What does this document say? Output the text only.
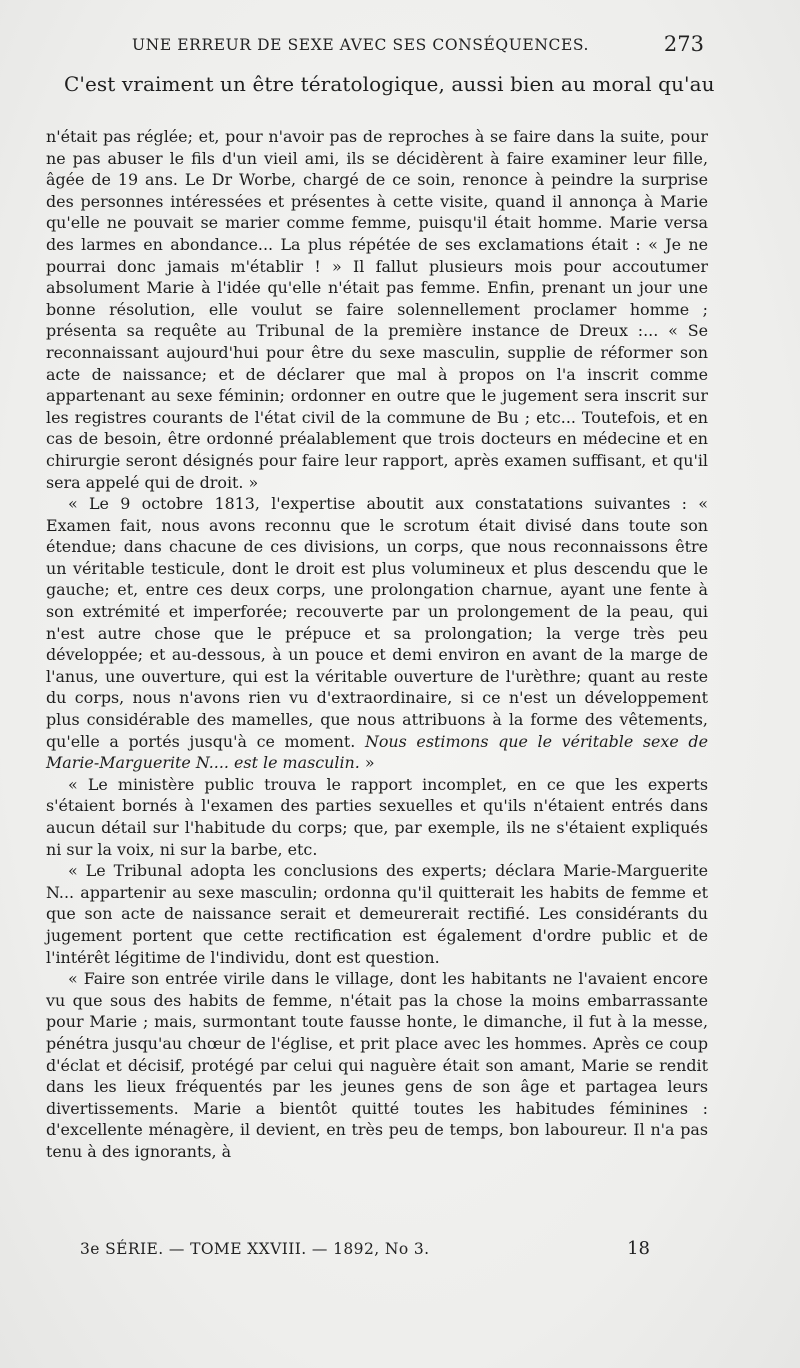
UNE ERREUR DE SEXE AVEC SES CONSÉQUENCES.	273
C'est vraiment un être tératologique, aussi bien au moral qu'au

n'était pas réglée; et, pour n'avoir pas de reproches à se faire dans la suite, pour ne pas abuser le fils d'un vieil ami, ils se décidèrent à faire examiner leur fille, âgée de 19 ans. Le Dr Worbe, chargé de ce soin, renonce à peindre la surprise des personnes intéressées et présentes à cette visite, quand il annonça à Marie qu'elle ne pouvait se marier comme femme, puisqu'il était homme. Marie versa des larmes en abondance... La plus répétée de ses exclamations était : « Je ne pourrai donc jamais m'établir ! » Il fallut plusieurs mois pour accoutumer absolument Marie à l'idée qu'elle n'était pas femme. Enfin, prenant un jour une bonne résolution, elle voulut se faire solennellement proclamer homme ; présenta sa requête au Tribunal de la première instance de Dreux :... « Se reconnaissant aujourd'hui pour être du sexe masculin, supplie de réformer son acte de naissance; et de déclarer que mal à propos on l'a inscrit comme appartenant au sexe féminin; ordonner en outre que le jugement sera inscrit sur les registres courants de l'état civil de la commune de Bu ; etc... Toutefois, et en cas de besoin, être ordonné préalablement que trois docteurs en médecine et en chirurgie seront désignés pour faire leur rapport, après examen suffisant, et qu'il sera appelé qui de droit. »

« Le 9 octobre 1813, l'expertise aboutit aux constatations suivantes : « Examen fait, nous avons reconnu que le scrotum était divisé dans toute son étendue; dans chacune de ces divisions, un corps, que nous reconnaissons être un véritable testicule, dont le droit est plus volumineux et plus descendu que le gauche; et, entre ces deux corps, une prolongation charnue, ayant une fente à son extrémité et imperforée; recouverte par un prolongement de la peau, qui n'est autre chose que le prépuce et sa prolongation; la verge très peu développée; et au-dessous, à un pouce et demi environ en avant de la marge de l'anus, une ouverture, qui est la véritable ouverture de l'urèthre; quant au reste du corps, nous n'avons rien vu d'extraordinaire, si ce n'est un développement plus considérable des mamelles, que nous attribuons à la forme des vêtements, qu'elle a portés jusqu'à ce moment. Nous estimons que le véritable sexe de Marie-Marguerite N.... est le masculin. »

« Le ministère public trouva le rapport incomplet, en ce que les experts s'étaient bornés à l'examen des parties sexuelles et qu'ils n'étaient entrés dans aucun détail sur l'habitude du corps; que, par exemple, ils ne s'étaient expliqués ni sur la voix, ni sur la barbe, etc.

« Le Tribunal adopta les conclusions des experts; déclara Marie-Marguerite N... appartenir au sexe masculin; ordonna qu'il quitterait les habits de femme et que son acte de naissance serait et demeurerait rectifié. Les considérants du jugement portent que cette rectification est également d'ordre public et de l'intérêt légitime de l'individu, dont est question.

« Faire son entrée virile dans le village, dont les habitants ne l'avaient encore vu que sous des habits de femme, n'était pas la chose la moins embarrassante pour Marie ; mais, surmontant toute fausse honte, le dimanche, il fut à la messe, pénétra jusqu'au chœur de l'église, et prit place avec les hommes. Après ce coup d'éclat et décisif, protégé par celui qui naguère était son amant, Marie se rendit dans les lieux fréquentés par les jeunes gens de son âge et partagea leurs divertissements. Marie a bientôt quitté toutes les habitudes féminines : d'excellente ménagère, il devient, en très peu de temps, bon laboureur. Il n'a pas tenu à des ignorants, à

3e SÉRIE. — TOME XXVIII. — 1892, No 3.	18
